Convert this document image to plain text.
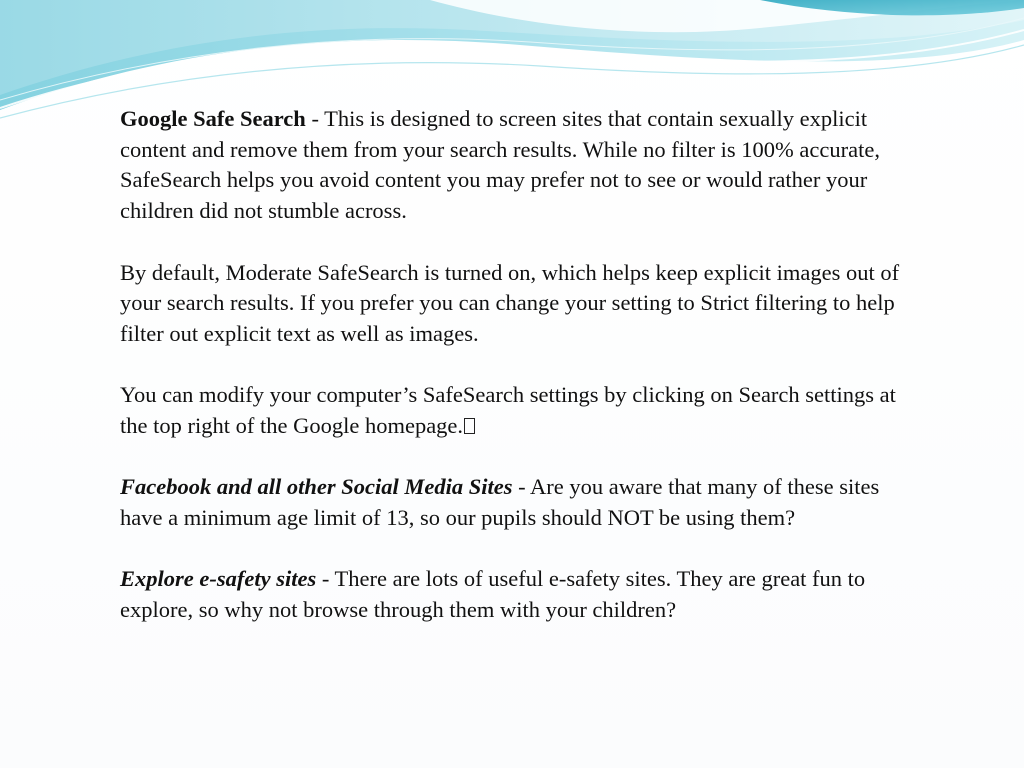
Google Safe Search - This is designed to screen sites that contain sexually explicit content and remove them from your search results. While no filter is 100% accurate, SafeSearch helps you avoid content you may prefer not to see or would rather your children did not stumble across.

By default, Moderate SafeSearch is turned on, which helps keep explicit images out of your search results. If you prefer you can change your setting to Strict filtering to help filter out explicit text as well as images.

You can modify your computer’s SafeSearch settings by clicking on Search settings at the top right of the Google homepage.

Facebook and all other Social Media Sites - Are you aware that many of these sites have a minimum age limit of 13, so our pupils should NOT be using them?

Explore e-safety sites - There are lots of useful e-safety sites. They are great fun to explore, so why not browse through them with your children?
